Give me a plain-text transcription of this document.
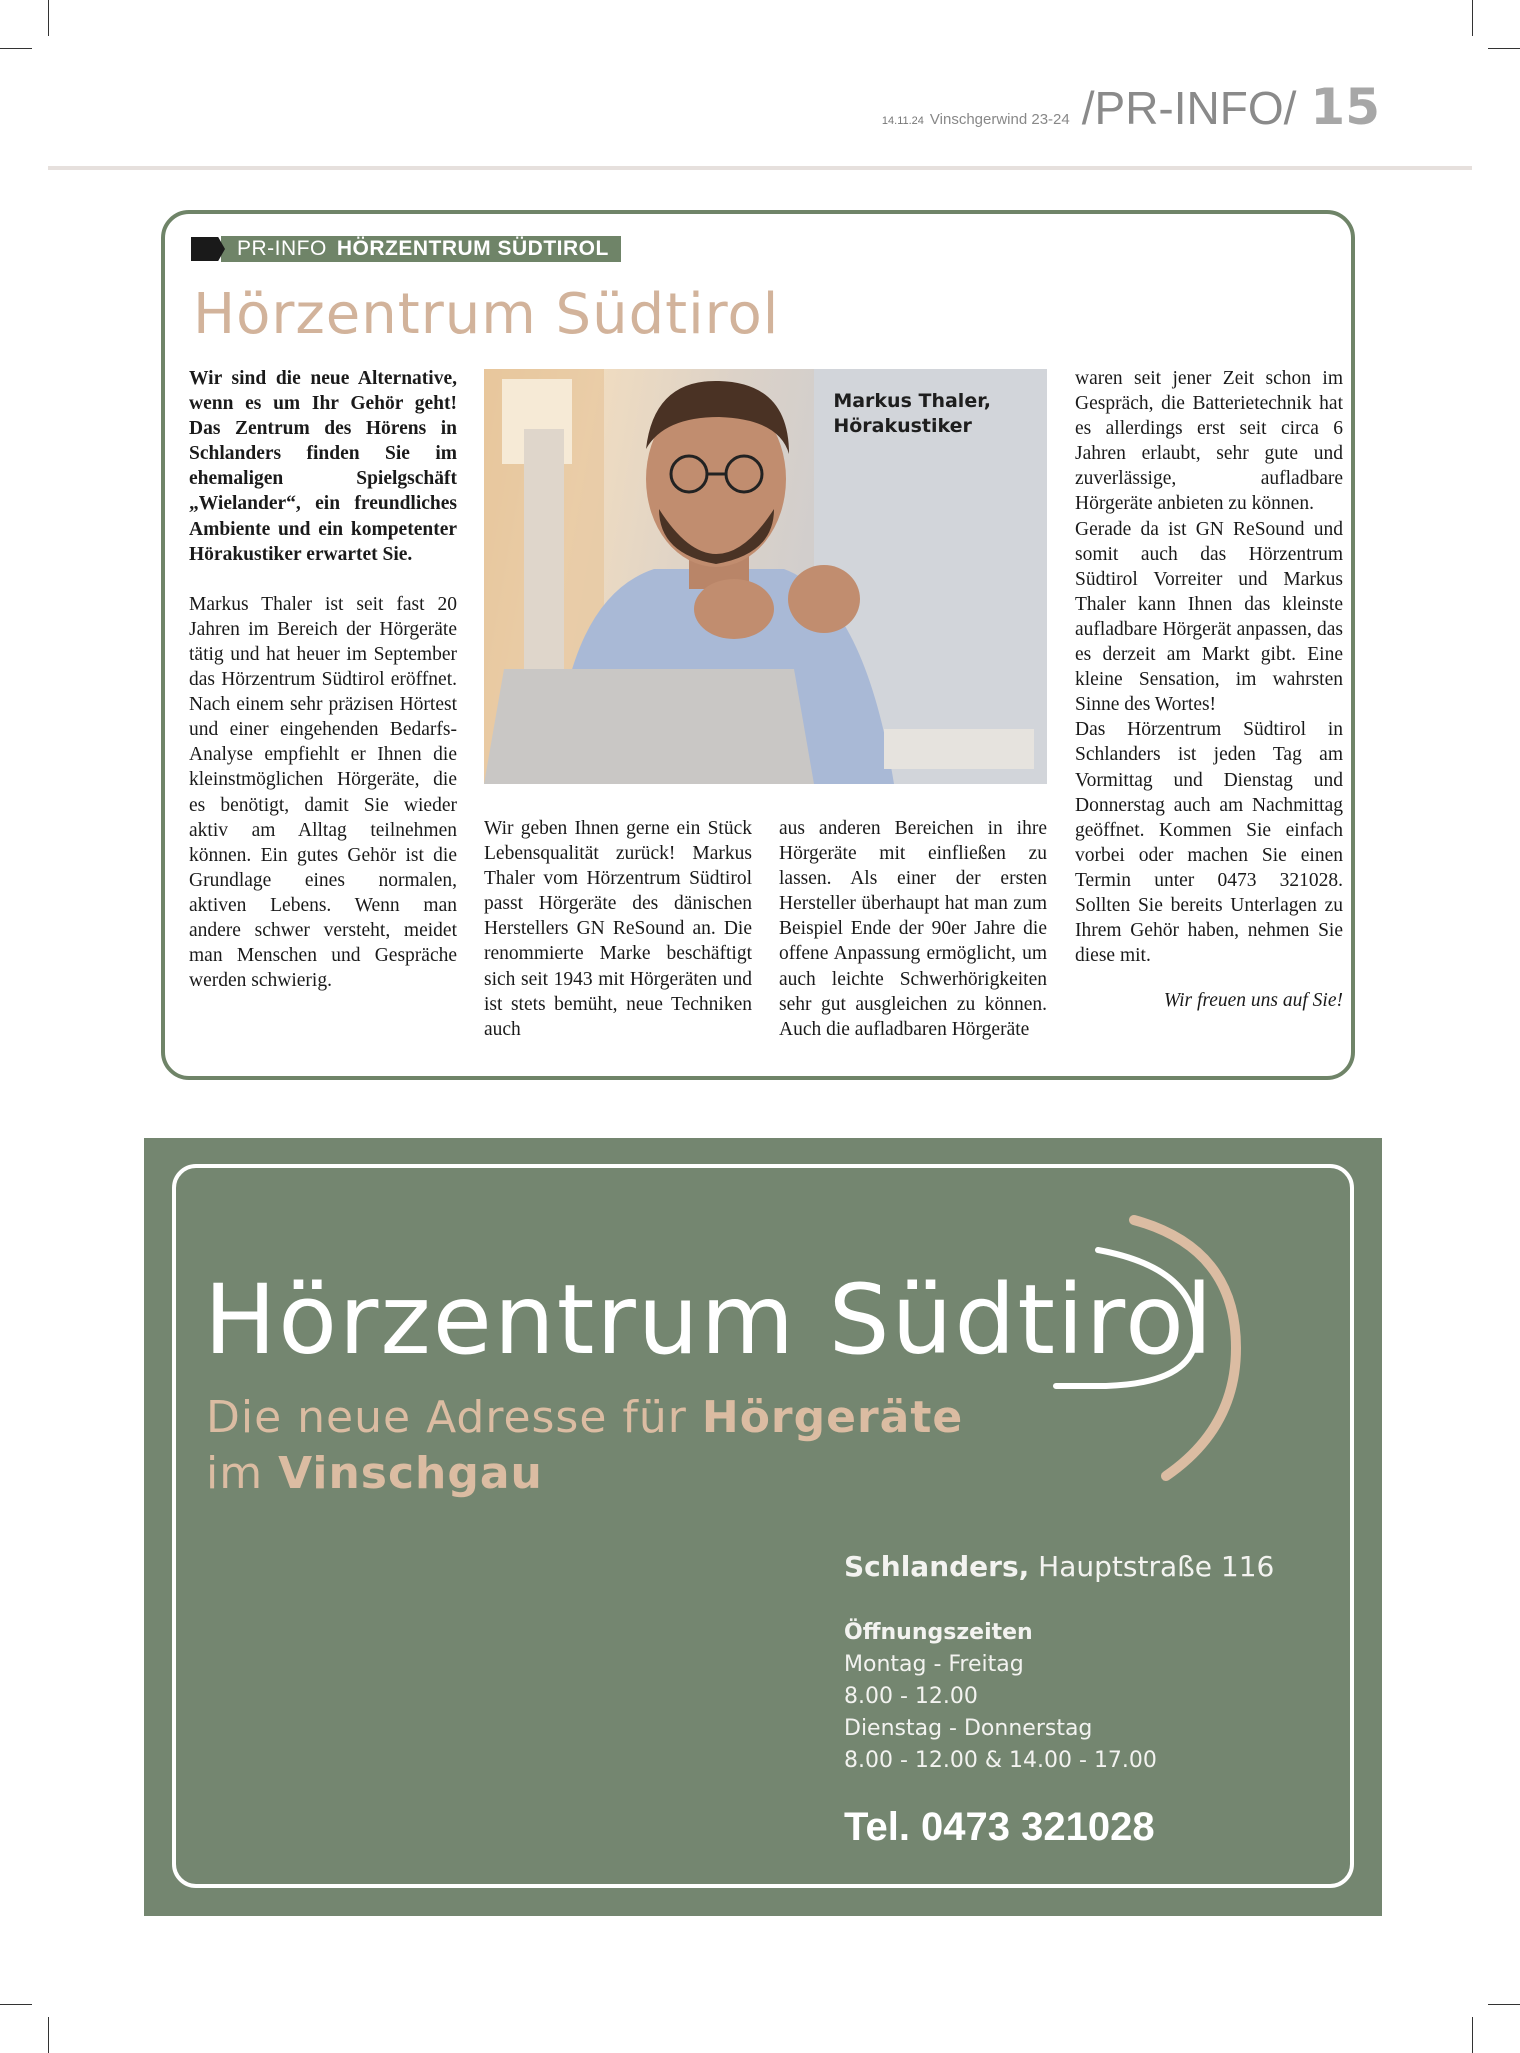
14.11.24 Vinschgerwind 23-24 /PR-INFO/ 15
PR-INFO HÖRZENTRUM SÜDTIROL
Hörzentrum Südtirol

Wir sind die neue Alternative, wenn es um Ihr Gehör geht! Das Zentrum des Hörens in Schlanders finden Sie im ehemaligen Spielgschäft „Wielander“, ein freundliches Ambiente und ein kompetenter Hörakustiker erwartet Sie.

Markus Thaler ist seit fast 20 Jahren im Bereich der Hörgeräte tätig und hat heuer im September das Hörzentrum Südtirol eröffnet. Nach einem sehr präzisen Hörtest und einer eingehenden Bedarfs-Analyse empfiehlt er Ihnen die kleinstmöglichen Hörgeräte, die es benötigt, damit Sie wieder aktiv am Alltag teilnehmen können. Ein gutes Gehör ist die Grundlage eines normalen, aktiven Lebens. Wenn man andere schwer versteht, meidet man Menschen und Gespräche werden schwierig.

Markus Thaler,
Hörakustiker

Wir geben Ihnen gerne ein Stück Lebensqualität zurück! Markus Thaler vom Hörzentrum Südtirol passt Hörgeräte des dänischen Herstellers GN ReSound an. Die renommierte Marke beschäftigt sich seit 1943 mit Hörgeräten und ist stets bemüht, neue Techniken auch

aus anderen Bereichen in ihre Hörgeräte mit einfließen zu lassen. Als einer der ersten Hersteller überhaupt hat man zum Beispiel Ende der 90er Jahre die offene Anpassung ermöglicht, um auch leichte Schwerhörigkeiten sehr gut ausgleichen zu können. Auch die aufladbaren Hörgeräte

waren seit jener Zeit schon im Gespräch, die Batterietechnik hat es allerdings erst seit circa 6 Jahren erlaubt, sehr gute und zuverlässige, aufladbare Hörgeräte anbieten zu können.

Gerade da ist GN ReSound und somit auch das Hörzentrum Südtirol Vorreiter und Markus Thaler kann Ihnen das kleinste aufladbare Hörgerät anpassen, das es derzeit am Markt gibt. Eine kleine Sensation, im wahrsten Sinne des Wortes!

Das Hörzentrum Südtirol in Schlanders ist jeden Tag am Vormittag und Dienstag und Donnerstag auch am Nachmittag geöffnet. Kommen Sie einfach vorbei oder machen Sie einen Termin unter 0473 321028. Sollten Sie bereits Unterlagen zu Ihrem Gehör haben, nehmen Sie diese mit.

Wir freuen uns auf Sie!

Hörzentrum Südtirol
Die neue Adresse für Hörgeräte
im Vinschgau
Schlanders, Hauptstraße 116
Öffnungszeiten
Montag - Freitag
8.00 - 12.00
Dienstag - Donnerstag
8.00 - 12.00 & 14.00 - 17.00
Tel. 0473 321028
